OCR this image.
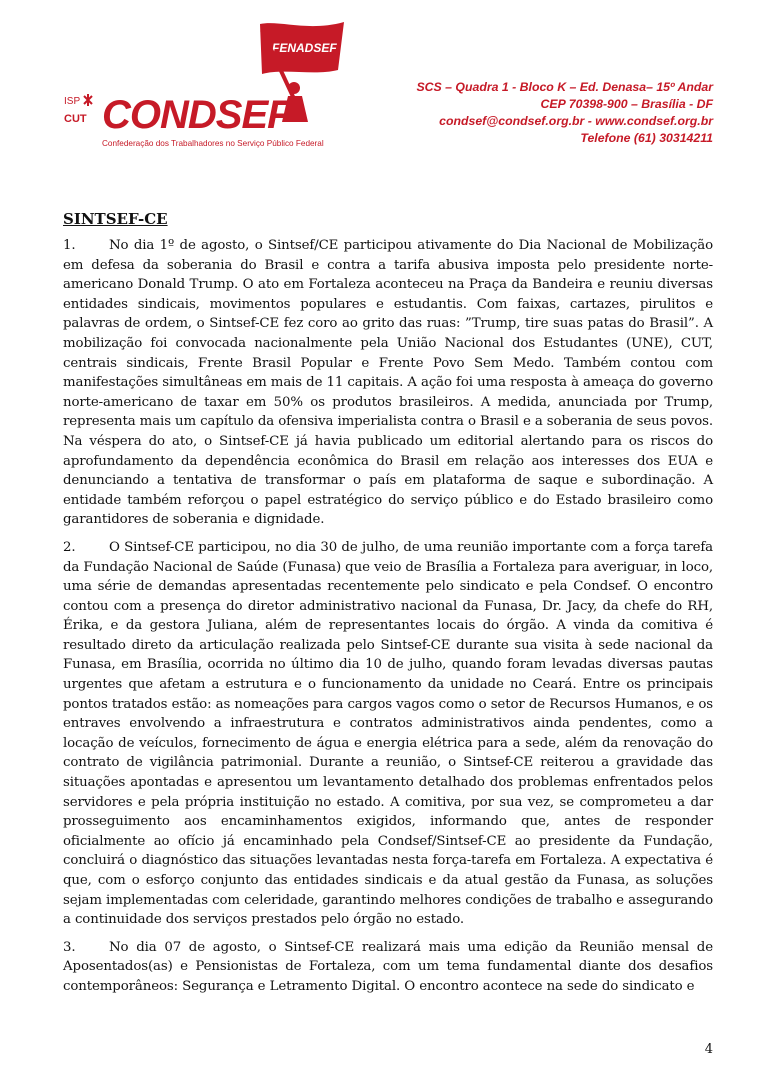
FENADSEF
ISP
CUT CONDSEF
Confederação dos Trabalhadores no Serviço Público Federal
SCS – Quadra 1 - Bloco K – Ed. Denasa– 15º Andar
CEP 70398-900 – Brasília - DF
condsef@condsef.org.br - www.condsef.org.br
Telefone (61) 30314211
SINTSEF-CE

1.	No dia 1º de agosto, o Sintsef/CE participou ativamente do Dia Nacional de Mobilização em defesa da soberania do Brasil e contra a tarifa abusiva imposta pelo presidente norte-americano Donald Trump. O ato em Fortaleza aconteceu na Praça da Bandeira e reuniu diversas entidades sindicais, movimentos populares e estudantis. Com faixas, cartazes, pirulitos e palavras de ordem, o Sintsef-CE fez coro ao grito das ruas: ”Trump, tire suas patas do Brasil”. A mobilização foi convocada nacionalmente pela União Nacional dos Estudantes (UNE), CUT, centrais sindicais, Frente Brasil Popular e Frente Povo Sem Medo. Também contou com manifestações simultâneas em mais de 11 capitais. A ação foi uma resposta à ameaça do governo norte-americano de taxar em 50% os produtos brasileiros. A medida, anunciada por Trump, representa mais um capítulo da ofensiva imperialista contra o Brasil e a soberania de seus povos. Na véspera do ato, o Sintsef-CE já havia publicado um editorial alertando para os riscos do aprofundamento da dependência econômica do Brasil em relação aos interesses dos EUA e denunciando a tentativa de transformar o país em plataforma de saque e subordinação. A entidade também reforçou o papel estratégico do serviço público e do Estado brasileiro como garantidores de soberania e dignidade.

2.	O Sintsef-CE participou, no dia 30 de julho, de uma reunião importante com a força tarefa da Fundação Nacional de Saúde (Funasa) que veio de Brasília a Fortaleza para averiguar, in loco, uma série de demandas apresentadas recentemente pelo sindicato e pela Condsef. O encontro contou com a presença do diretor administrativo nacional da Funasa, Dr. Jacy, da chefe do RH, Érika, e da gestora Juliana, além de representantes locais do órgão. A vinda da comitiva é resultado direto da articulação realizada pelo Sintsef-CE durante sua visita à sede nacional da Funasa, em Brasília, ocorrida no último dia 10 de julho, quando foram levadas diversas pautas urgentes que afetam a estrutura e o funcionamento da unidade no Ceará. Entre os principais pontos tratados estão: as nomeações para cargos vagos como o setor de Recursos Humanos, e os entraves envolvendo a infraestrutura e contratos administrativos ainda pendentes, como a locação de veículos, fornecimento de água e energia elétrica para a sede, além da renovação do contrato de vigilância patrimonial. Durante a reunião, o Sintsef-CE reiterou a gravidade das situações apontadas e apresentou um levantamento detalhado dos problemas enfrentados pelos servidores e pela própria instituição no estado. A comitiva, por sua vez, se comprometeu a dar prosseguimento aos encaminhamentos exigidos, informando que, antes de responder oficialmente ao ofício já encaminhado pela Condsef/Sintsef-CE ao presidente da Fundação, concluirá o diagnóstico das situações levantadas nesta força-tarefa em Fortaleza. A expectativa é que, com o esforço conjunto das entidades sindicais e da atual gestão da Funasa, as soluções sejam implementadas com celeridade, garantindo melhores condições de trabalho e assegurando a continuidade dos serviços prestados pelo órgão no estado.

3.	No dia 07 de agosto, o Sintsef-CE realizará mais uma edição da Reunião mensal de Aposentados(as) e Pensionistas de Fortaleza, com um tema fundamental diante dos desafios contemporâneos: Segurança e Letramento Digital. O encontro acontece na sede do sindicato e

4
